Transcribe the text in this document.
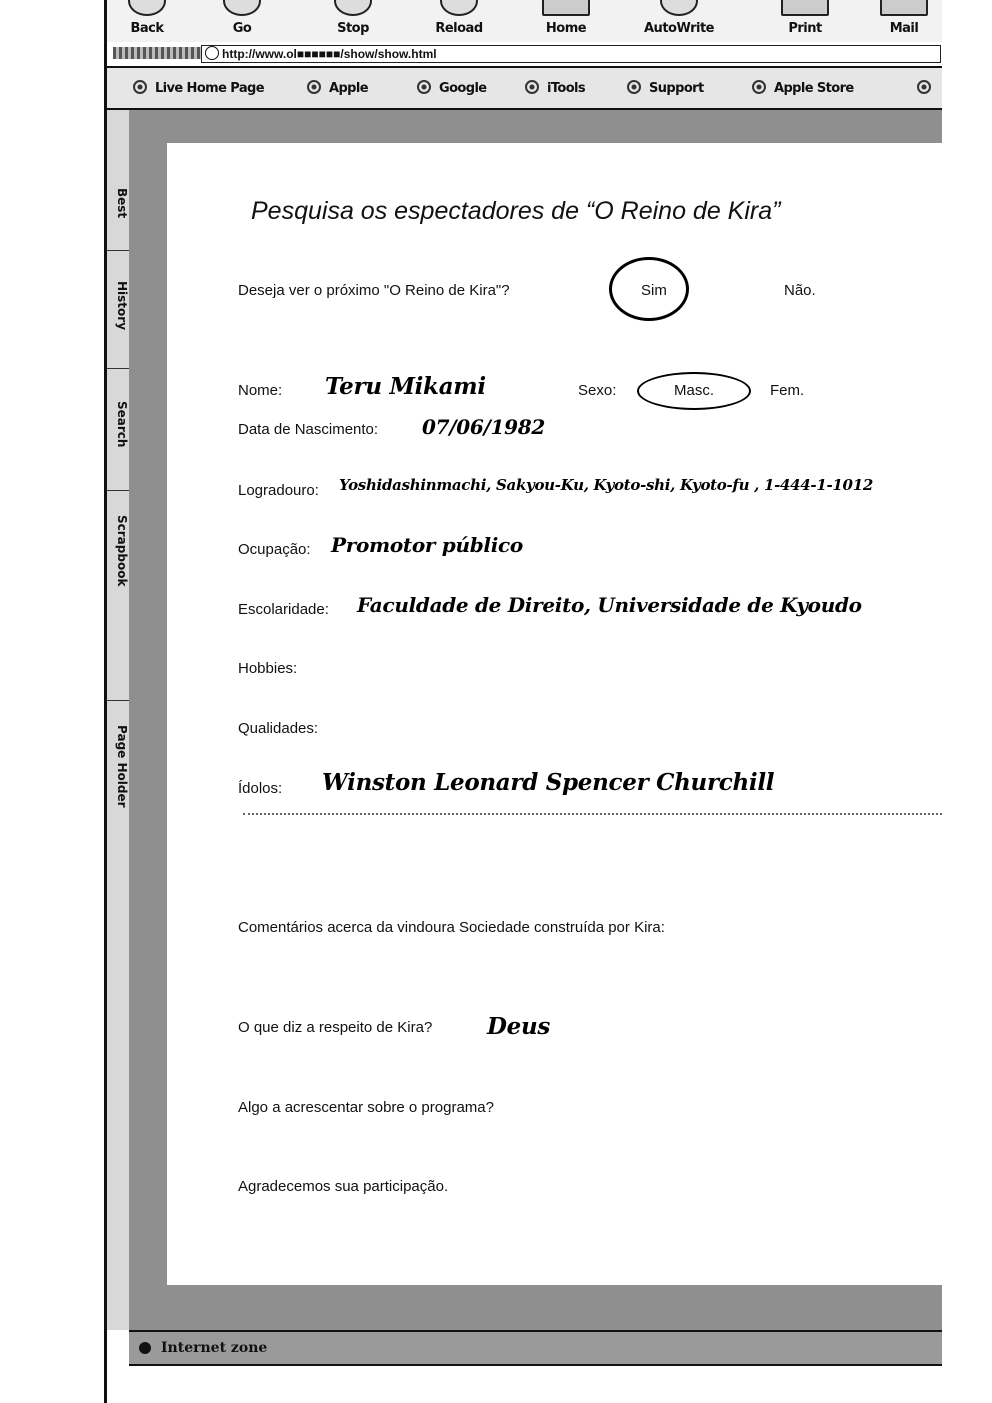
Back	Go	Stop	Reload	Home	AutoWrite	Print	Mail
http://www.ol■■■■■■/show/show.html
Live Home Page	Apple	Google	iTools	Support	Apple Store
Best
History
Search
Scrapbook
Page Holder
Pesquisa os espectadores de “O Reino de Kira”
Deseja ver o próximo "O Reino de Kira"?	Sim	Não.
Nome: Teru Mikami	Sexo:	Masc.	Fem.
Data de Nascimento: 07/06/1982
Logradouro: Yoshidashinmachi, Sakyou-Ku, Kyoto-shi, Kyoto-fu , 1-444-1-1012
Ocupação: Promotor público
Escolaridade: Faculdade de Direito, Universidade de Kyoudo
Hobbies:
Qualidades:
Ídolos: Winston Leonard Spencer Churchill
Comentários acerca da vindoura Sociedade construída por Kira:
O que diz a respeito de Kira? Deus
Algo a acrescentar sobre o programa?
Agradecemos sua participação.
Internet zone
